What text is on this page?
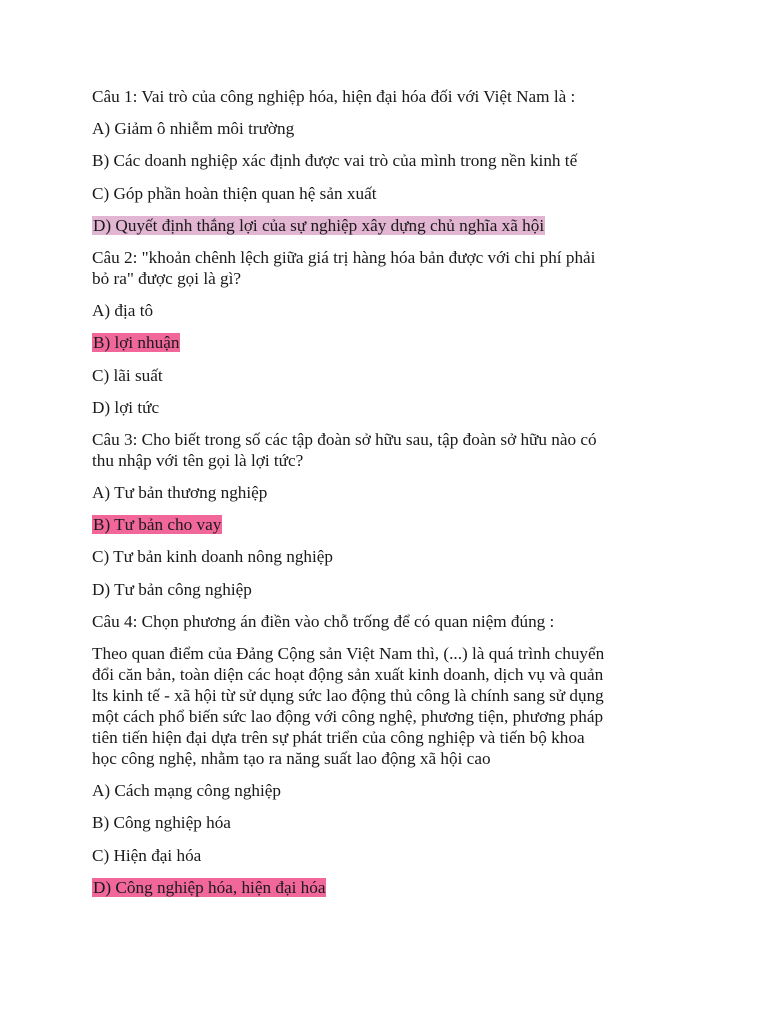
Câu 1: Vai trò của công nghiệp hóa, hiện đại hóa đối với Việt Nam là :
A) Giảm ô nhiễm môi trường
B) Các doanh nghiệp xác định được vai trò của mình trong nền kinh tế
C) Góp phần hoàn thiện quan hệ sản xuất
D) Quyết định thắng lợi của sự nghiệp xây dựng chủ nghĩa xã hội
Câu 2: "khoản chênh lệch giữa giá trị hàng hóa bản được với chi phí phải
bỏ ra" được gọi là gì?
A) địa tô
B) lợi nhuận
C) lãi suất
D) lợi tức
Câu 3: Cho biết trong số các tập đoàn sở hữu sau, tập đoàn sở hữu nào có
thu nhập với tên gọi là lợi tức?
A) Tư bản thương nghiệp
B) Tư bản cho vay
C) Tư bản kinh doanh nông nghiệp
D) Tư bản công nghiệp
Câu 4: Chọn phương án điền vào chỗ trống để có quan niệm đúng :
Theo quan điểm của Đảng Cộng sản Việt Nam thì, (...) là quá trình chuyển
đổi căn bản, toàn diện các hoạt động sản xuất kinh doanh, dịch vụ và quản
lts kinh tế - xã hội từ sử dụng sức lao động thủ công là chính sang sử dụng
một cách phổ biến sức lao động với công nghệ, phương tiện, phương pháp
tiên tiến hiện đại dựa trên sự phát triển của công nghiệp và tiến bộ khoa
học công nghệ, nhằm tạo ra năng suất lao động xã hội cao
A) Cách mạng công nghiệp
B) Công nghiệp hóa
C) Hiện đại hóa
D) Công nghiệp hóa, hiện đại hóa
